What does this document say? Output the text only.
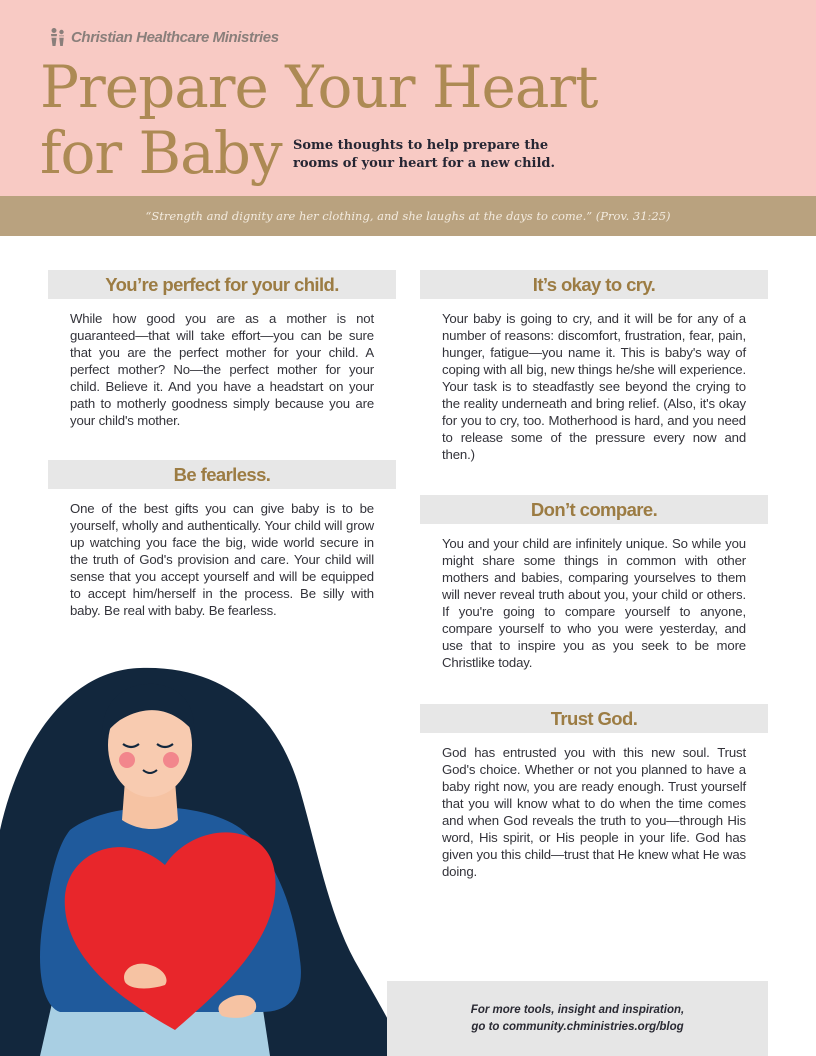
Christian Healthcare Ministries
Prepare Your Heart
for Baby Some thoughts to help prepare the
rooms of your heart for a new child.
“Strength and dignity are her clothing, and she laughs at the days to come.” (Prov. 31:25)
You’re perfect for your child.
While how good you are as a mother is not guaranteed—that will take effort—you can be sure that you are the perfect mother for your child. A perfect mother? No—the perfect mother for your child. Believe it. And you have a headstart on your path to motherly goodness simply because you are your child's mother.
Be fearless.
One of the best gifts you can give baby is to be yourself, wholly and authentically. Your child will grow up watching you face the big, wide world secure in the truth of God's provision and care. Your child will sense that you accept yourself and will be equipped to accept him/herself in the process. Be silly with baby. Be real with baby. Be fearless.
It’s okay to cry.
Your baby is going to cry, and it will be for any of a number of reasons: discomfort, frustration, fear, pain, hunger, fatigue—you name it. This is baby's way of coping with all big, new things he/she will experience. Your task is to steadfastly see beyond the crying to the reality underneath and bring relief. (Also, it's okay for you to cry, too. Motherhood is hard, and you need to release some of the pressure every now and then.)
Don’t compare.
You and your child are infinitely unique. So while you might share some things in common with other mothers and babies, comparing yourselves to them will never reveal truth about you, your child or others. If you're going to compare yourself to anyone, compare yourself to who you were yesterday, and use that to inspire you as you seek to be more Christlike today.
Trust God.
God has entrusted you with this new soul. Trust God's choice. Whether or not you planned to have a baby right now, you are ready enough. Trust yourself that you will know what to do when the time comes and when God reveals the truth to you—through His word, His spirit, or His people in your life. God has given you this child—trust that He knew what He was doing.
For more tools, insight and inspiration,
go to community.chministries.org/blog
